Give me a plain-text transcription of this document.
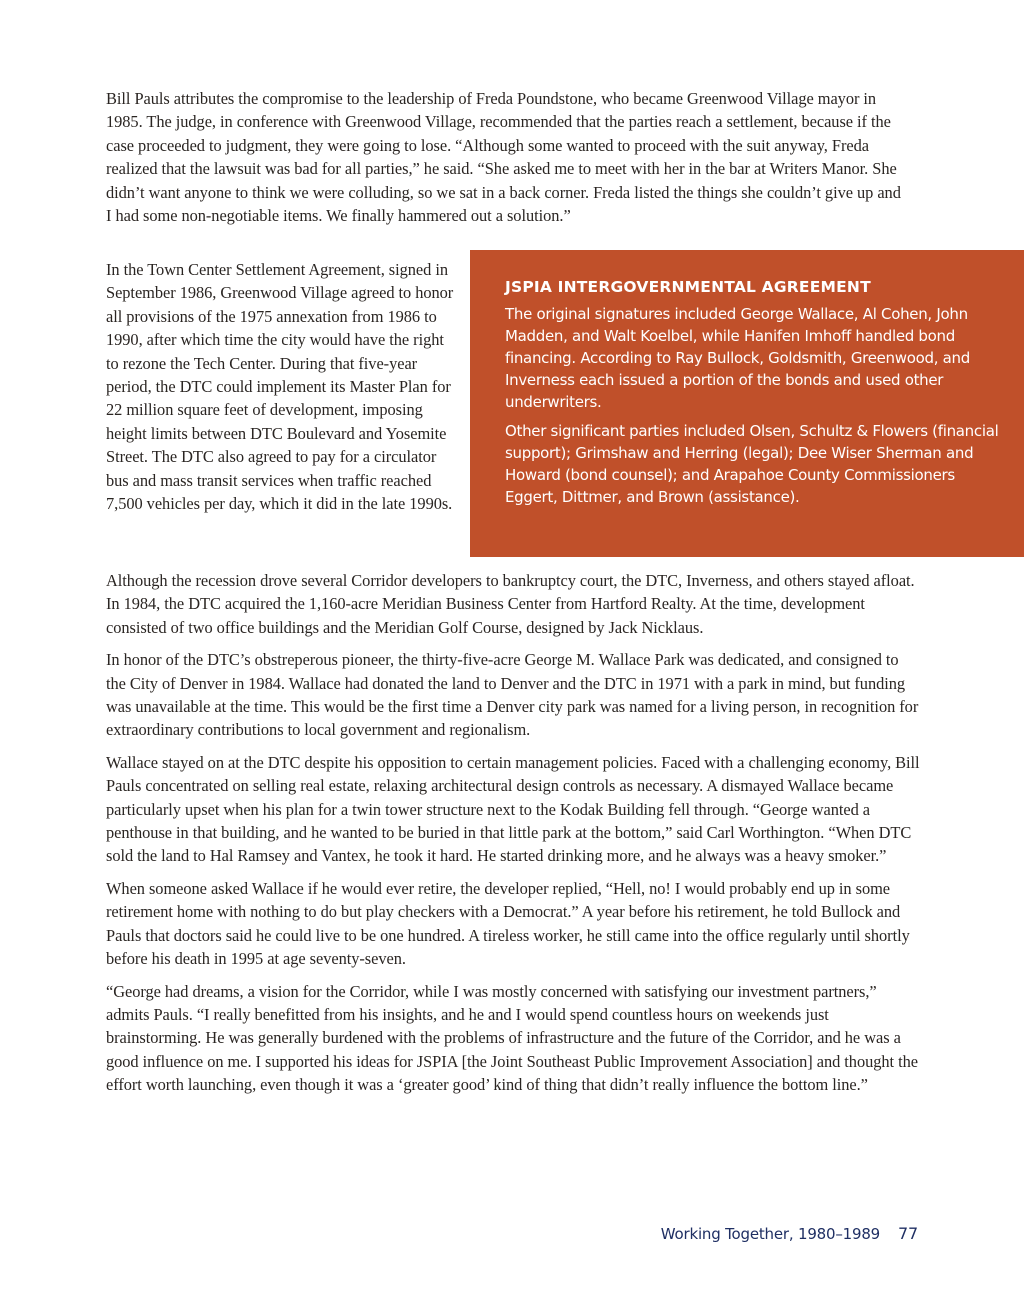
Bill Pauls attributes the compromise to the leadership of Freda Poundstone, who became Greenwood Village mayor in 1985. The judge, in conference with Greenwood Village, recommended that the parties reach a settlement, because if the case proceeded to judgment, they were going to lose. “Although some wanted to proceed with the suit anyway, Freda realized that the lawsuit was bad for all parties,” he said. “She asked me to meet with her in the bar at Writers Manor. She didn’t want anyone to think we were colluding, so we sat in a back corner. Freda listed the things she couldn’t give up and I had some non-negotiable items. We finally hammered out a solution.”

In the Town Center Settlement Agreement, signed in September 1986, Greenwood Village agreed to honor all provisions of the 1975 annexation from 1986 to 1990, after which time the city would have the right to rezone the Tech Center. During that five-year period, the DTC could implement its Master Plan for 22 million square feet of development, imposing height limits between DTC Boulevard and Yosemite Street. The DTC also agreed to pay for a circulator bus and mass transit services when traffic reached 7,500 vehicles per day, which it did in the late 1990s.

JSPIA INTERGOVERNMENTAL AGREEMENT

The original signatures included George Wallace, Al Cohen, John Madden, and Walt Koelbel, while Hanifen Imhoff handled bond financing. According to Ray Bullock, Goldsmith, Greenwood, and Inverness each issued a portion of the bonds and used other underwriters.

Other significant parties included Olsen, Schultz & Flowers (financial support); Grimshaw and Herring (legal); Dee Wiser Sherman and Howard (bond counsel); and Arapahoe County Commissioners Eggert, Dittmer, and Brown (assistance).

Although the recession drove several Corridor developers to bankruptcy court, the DTC, Inverness, and others stayed afloat. In 1984, the DTC acquired the 1,160-acre Meridian Business Center from Hartford Realty. At the time, development consisted of two office buildings and the Meridian Golf Course, designed by Jack Nicklaus.

In honor of the DTC’s obstreperous pioneer, the thirty-five-acre George M. Wallace Park was dedicated, and consigned to the City of Denver in 1984. Wallace had donated the land to Denver and the DTC in 1971 with a park in mind, but funding was unavailable at the time. This would be the first time a Denver city park was named for a living person, in recognition for extraordinary contributions to local government and regionalism.

Wallace stayed on at the DTC despite his opposition to certain management policies. Faced with a challenging economy, Bill Pauls concentrated on selling real estate, relaxing architectural design controls as necessary. A dismayed Wallace became particularly upset when his plan for a twin tower structure next to the Kodak Building fell through. “George wanted a penthouse in that building, and he wanted to be buried in that little park at the bottom,” said Carl Worthington. “When DTC sold the land to Hal Ramsey and Vantex, he took it hard. He started drinking more, and he always was a heavy smoker.”

When someone asked Wallace if he would ever retire, the developer replied, “Hell, no! I would probably end up in some retirement home with nothing to do but play checkers with a Democrat.” A year before his retirement, he told Bullock and Pauls that doctors said he could live to be one hundred. A tireless worker, he still came into the office regularly until shortly before his death in 1995 at age seventy-seven.

“George had dreams, a vision for the Corridor, while I was mostly concerned with satisfying our investment partners,” admits Pauls. “I really benefitted from his insights, and he and I would spend countless hours on weekends just brainstorming. He was generally burdened with the problems of infrastructure and the future of the Corridor, and he was a good influence on me. I supported his ideas for JSPIA [the Joint Southeast Public Improvement Association] and thought the effort worth launching, even though it was a ‘greater good’ kind of thing that didn’t really influence the bottom line.”

Working Together, 1980–1989 77
